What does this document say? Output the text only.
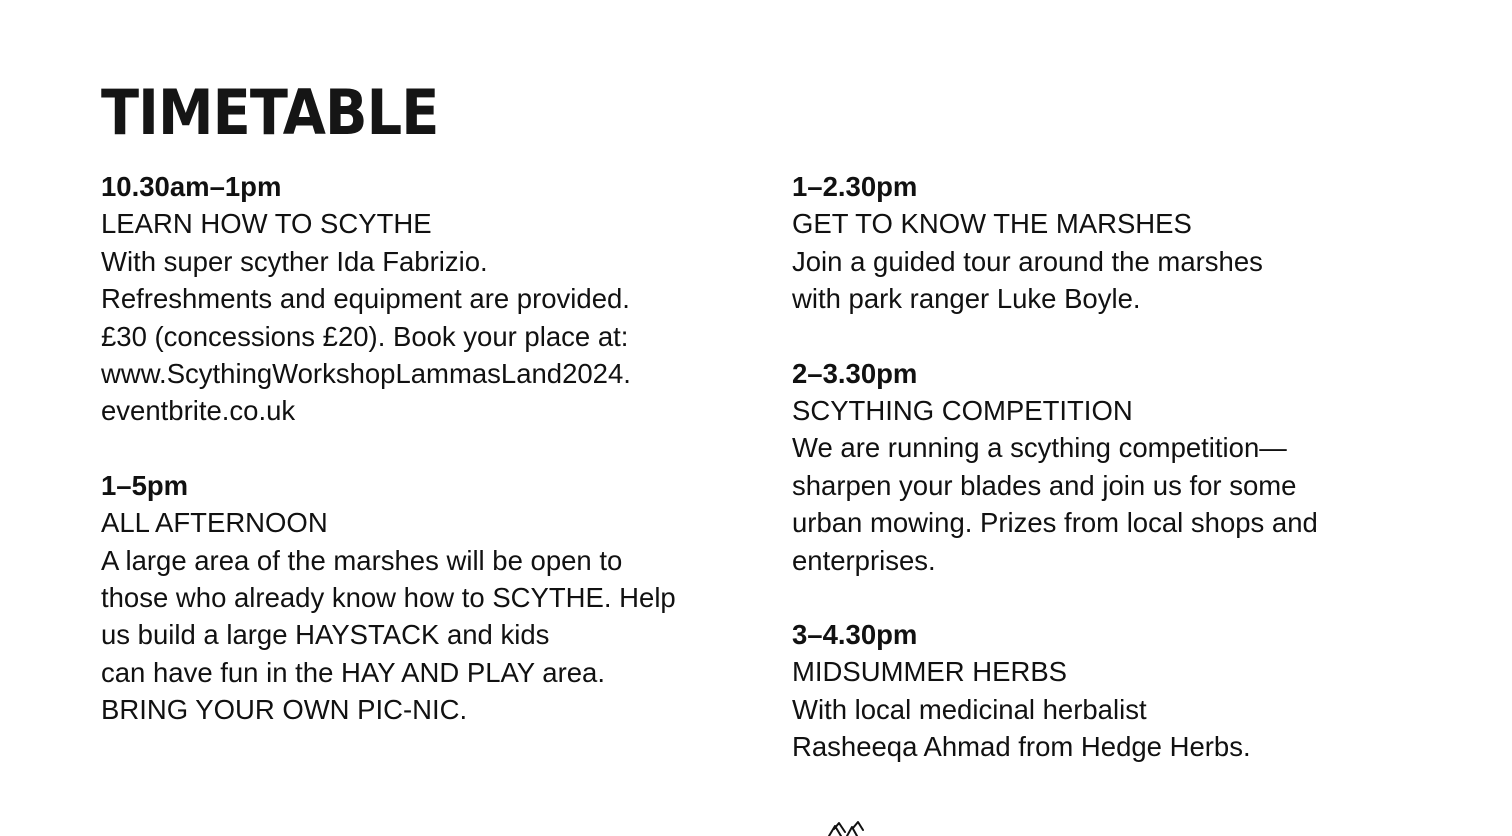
TIMETABLE
10.30am–1pm
LEARN HOW TO SCYTHE
With super scyther Ida Fabrizio.
Refreshments and equipment are provided.
£30 (concessions £20). Book your place at:
www.ScythingWorkshopLammasLand2024.
eventbrite.co.uk
1–5pm
ALL AFTERNOON
A large area of the marshes will be open to
those who already know how to SCYTHE. Help
us build a large HAYSTACK and kids
can have fun in the HAY AND PLAY area.
BRING YOUR OWN PIC-NIC.
1–2.30pm
GET TO KNOW THE MARSHES
Join a guided tour around the marshes
with park ranger Luke Boyle.
2–3.30pm
SCYTHING COMPETITION
We are running a scything competition—
sharpen your blades and join us for some
urban mowing. Prizes from local shops and
enterprises.
3–4.30pm
MIDSUMMER HERBS
With local medicinal herbalist
Rasheeqa Ahmad from Hedge Herbs.
